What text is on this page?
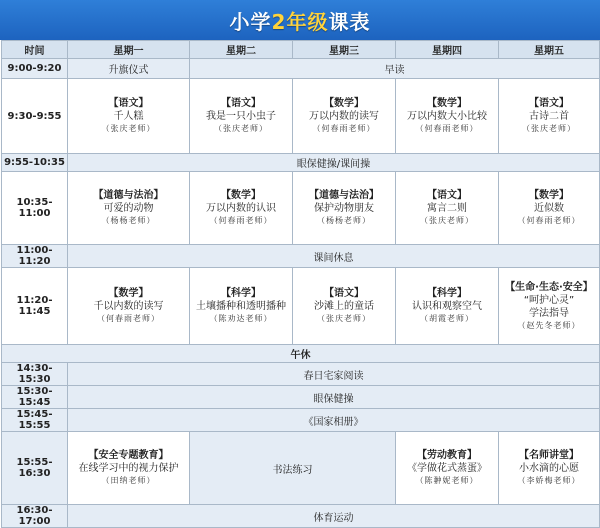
小学2年级课表
时间	星期一	星期二	星期三	星期四	星期五
9:00-9:20	升旗仪式	早读			
9:30-9:55	【语文】
千人糕
（张庆老师）	【语文】
我是一只小虫子
（张庆老师）	【数学】
万以内数的读写
（何春雨老师）	【数学】
万以内数大小比较
（何春雨老师）	【语文】
古诗二首
（张庆老师）

9:55-10:35	眼保健操/课间操				
10:35-11:00	【道德与法治】
可爱的动物
（杨杨老师）	【数学】
万以内数的认识
（何春雨老师）	【道德与法治】
保护动物朋友
（杨杨老师）	【语文】
寓言二则
（张庆老师）	【数学】
近似数
（何春雨老师）

11:00-11:20	课间休息				
11:20-11:45	【数学】
千以内数的读写
（何春雨老师）	【科学】
土壤播种和透明播种
（陈劝达老师）	【语文】
沙滩上的童话
（张庆老师）	【科学】
认识和观察空气
（胡霞老师）	【生命·生态·安全】
“呵护心灵”
学法指导
（赵先冬老师）

午休					
14:30-15:30	春日宅家阅读				
15:30-15:45	眼保健操				
15:45-15:55	《国家相册》				
15:55-16:30	【安全专题教育】
在线学习中的视力保护
（田纳老师）	书法练习		【劳动教育】
《学做花式蒸蛋》
（陈翀妮老师）	【名师讲堂】
小水滴的心愿
（李娇梅老师）

16:30-17:00	体育运动				
